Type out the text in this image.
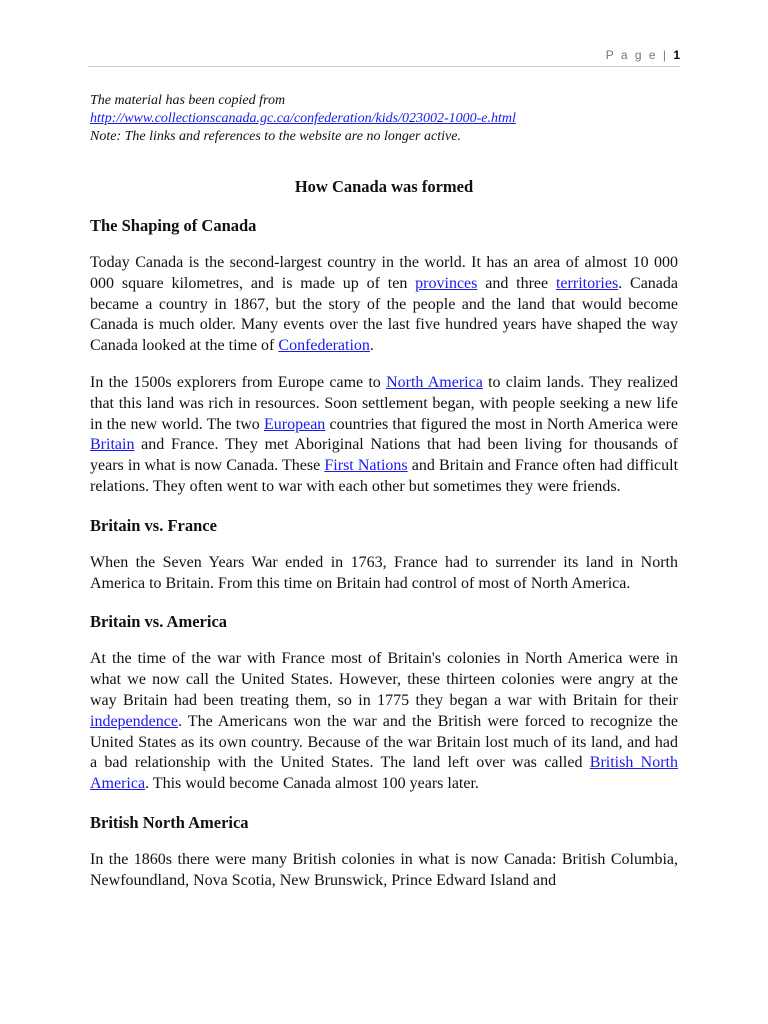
P a g e | 1

The material has been copied from
http://www.collectionscanada.gc.ca/confederation/kids/023002-1000-e.html
Note: The links and references to the website are no longer active.

How Canada was formed
The Shaping of Canada

Today Canada is the second-largest country in the world. It has an area of almost 10 000 000 square kilometres, and is made up of ten provinces and three territories. Canada became a country in 1867, but the story of the people and the land that would become Canada is much older. Many events over the last five hundred years have shaped the way Canada looked at the time of Confederation.

In the 1500s explorers from Europe came to North America to claim lands. They realized that this land was rich in resources. Soon settlement began, with people seeking a new life in the new world. The two European countries that figured the most in North America were Britain and France. They met Aboriginal Nations that had been living for thousands of years in what is now Canada. These First Nations and Britain and France often had difficult relations. They often went to war with each other but sometimes they were friends.

Britain vs. France

When the Seven Years War ended in 1763, France had to surrender its land in North America to Britain. From this time on Britain had control of most of North America.

Britain vs. America

At the time of the war with France most of Britain's colonies in North America were in what we now call the United States. However, these thirteen colonies were angry at the way Britain had been treating them, so in 1775 they began a war with Britain for their independence. The Americans won the war and the British were forced to recognize the United States as its own country. Because of the war Britain lost much of its land, and had a bad relationship with the United States. The land left over was called British North America. This would become Canada almost 100 years later.

British North America

In the 1860s there were many British colonies in what is now Canada: British Columbia, Newfoundland, Nova Scotia, New Brunswick, Prince Edward Island and
